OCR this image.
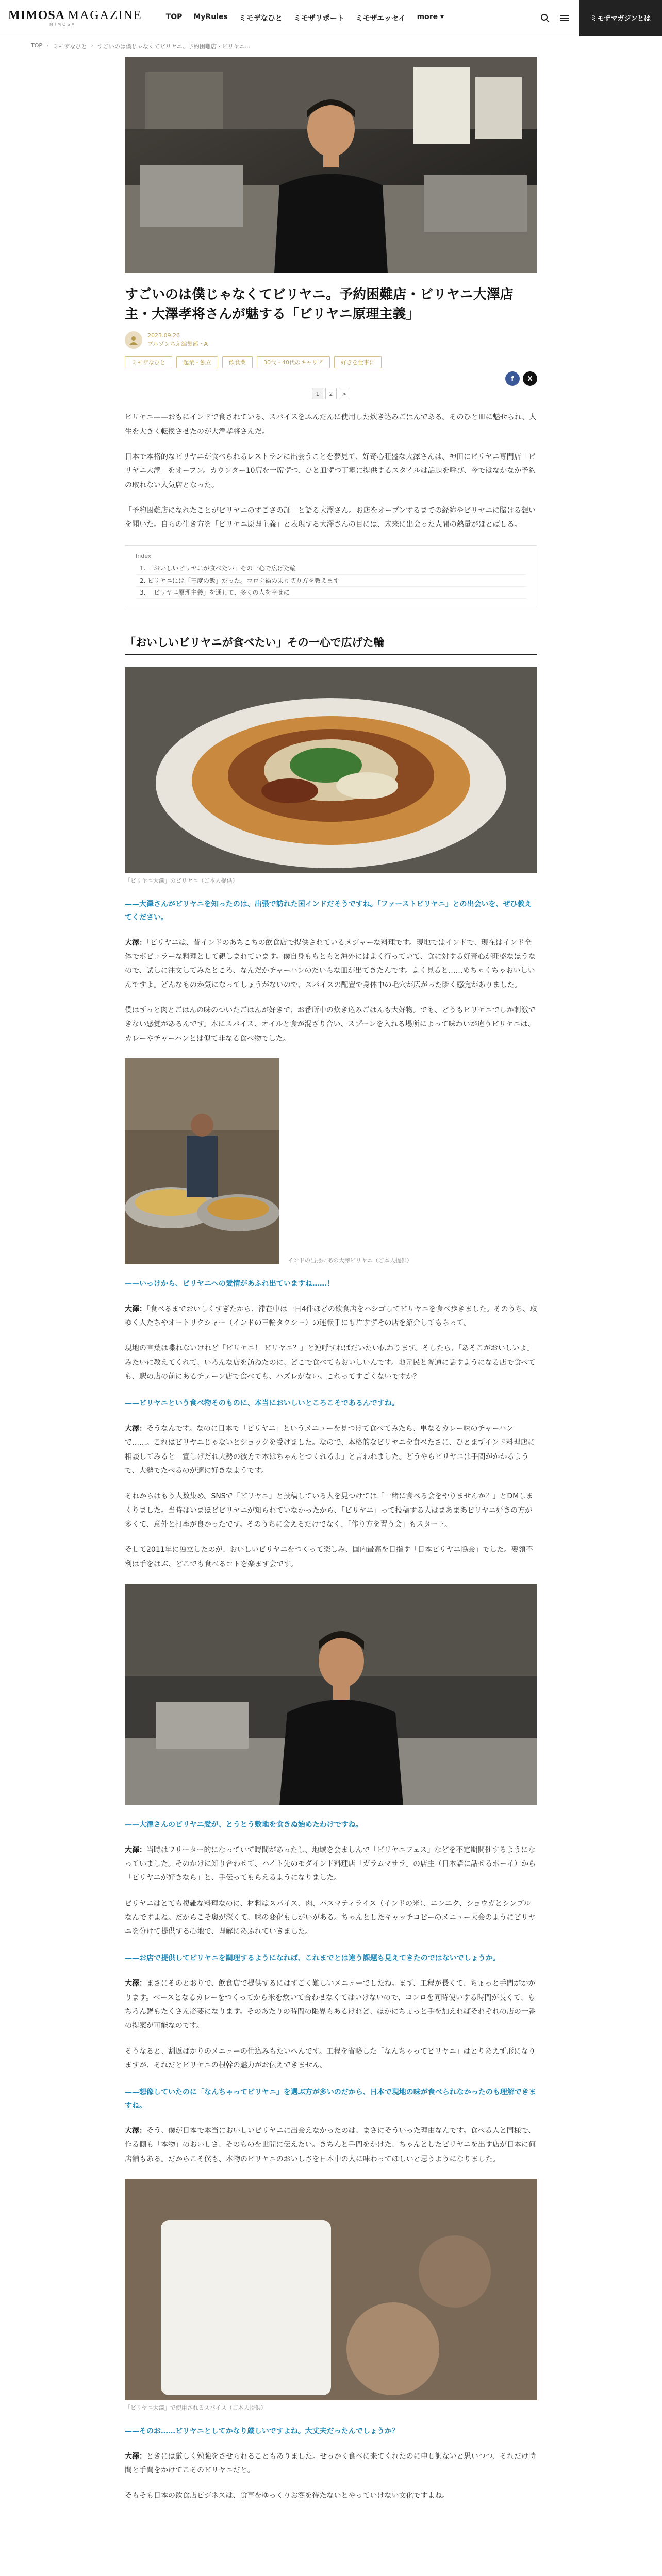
MIMOSA MAGAZINE
MIMOSA
TOP MyRules ミモザなひと ミモザリポート ミモザエッセイ more ▾	ミモザマガジンとは
TOP › ミモザなひと › すごいのは僕じゃなくてビリヤニ。予約困難店・ビリヤニ...
すごいのは僕じゃなくてビリヤニ。予約困難店・ビリヤニ大澤店主・大澤孝将さんが魅する「ビリヤニ原理主義」
2023.09.26
ブルゾンちえ編集部・A
ミモザなひと	起業・独立	飲食業	30代・40代のキャリア	好きを仕事に
f	X
1	2	>

ビリヤニ——おもにインドで食されている、スパイスをふんだんに使用した炊き込みごはんである。そのひと皿に魅せられ、人生を大きく転換させたのが大澤孝将さんだ。

日本で本格的なビリヤニが食べられるレストランに出会うことを夢見て、好奇心旺盛な大澤さんは、神田にビリヤニ専門店「ビリヤニ大澤」をオープン。カウンター10席を一席ずつ、ひと皿ずつ丁寧に提供するスタイルは話題を呼び、今ではなかなか予約の取れない人気店となった。

「予約困難店になれたことがビリヤニのすごさの証」と語る大澤さん。お店をオープンするまでの経緯やビリヤニに賭ける想いを聞いた。自らの生き方を「ビリヤニ原理主義」と表現する大澤さんの目には、未来に出会った人間の熱量がほとばしる。

Index
1. 「おいしいビリヤニが食べたい」その一心で広げた輪
2. ビリヤニには「三度の飯」だった。コロナ禍の乗り切り方を教えます
3. 「ビリヤニ原理主義」を通して、多くの人を幸せに
「おいしいビリヤニが食べたい」その一心で広げた輪
「ビリヤニ大澤」のビリヤニ（ご本人提供）

——大澤さんがビリヤニを知ったのは、出張で訪れた国インドだそうですね。「ファーストビリヤニ」との出会いを、ぜひ教えてください。

大澤：「ビリヤニは、昔インドのあちこちの飲食店で提供されているメジャーな料理です。現地ではインドで、現在はインド全体でポピュラーな料理として親しまれています。僕自身ももともと海外にはよく行っていて、食に対する好奇心が旺盛なほうなので、試しに注文してみたところ、なんだかチャーハンのたいらな皿が出てきたんです。よく見ると……めちゃくちゃおいしいんですよ。どんなものか気になってしょうがないので、スパイスの配置で身体中の毛穴が広がった瞬く感覚がありました。

僕はずっと肉とごはんの味のついたごはんが好きで、お番所中の炊き込みごはんも大好物。でも、どうもビリヤニでしか刺激できない感覚があるんです。本にスパイス、オイルと食が混ざり合い、スプーンを入れる場所によって味わいが違うビリヤニは、カレーやチャーハンとは似て非なる食べ物でした。

インドの出張にあの大澤ビリヤニ（ご本人提供）

——いっけから、ビリヤニへの愛情があふれ出ていますね……！

大澤：「食べるまでおいしくすぎたから、滞在中は一日4件ほどの飲食店をハシゴしてビリヤニを食べ歩きました。そのうち、取ゆく人たちやオートリクシャー（インドの三輪タクシー）の運転手にも片すずその店を紹介してもらって。

現地の言葉は喋れないけれど「ビリヤニ！ ビリヤニ？」と連呼すればだいたい伝わります。そしたら、「あそこがおいしいよ」みたいに教えてくれて、いろんな店を訪ねたのに、どこで食べてもおいしいんです。地元民と普通に話すようになる店で食べても、駅の店の前にあるチェーン店で食べても、ハズレがない。これってすごくないですか？

——ビリヤニという食べ物そのものに、本当においしいところこそであるんですね。

大澤：そうなんです。なのに日本で「ビリヤニ」というメニューを見つけて食べてみたら、単なるカレー味のチャーハンで……。これはビリヤニじゃないとショックを受けました。なので、本格的なビリヤニを食べたさに、ひとまずインド料理店に相談してみると「宣しげだれ大勢の彼方で本はちゃんとつくれるよ」と言われました。どうやらビリヤニは手間がかかるようで、大勢でたべるのが適に好きなようです。

それからはもう人数集め。SNSで「ビリヤニ」と投稿している人を見つけては「一緒に食べる会をやりませんか？」とDMしまくりました。当時はいまほどビリヤニが知られていなかったから、「ビリヤニ」って投稿する人はまあまあビリヤニ好きの方が多くて、意外と打率が良かったです。そのうちに会えるだけでなく、「作り方を習う会」もスタート。

そして2011年に独立したのが、おいしいビリヤニをつくって楽しみ、国内最高を目指す「日本ビリヤニ協会」でした。要領不利は手をはぶ、どこでも食べるコトを楽ます会です。

——大澤さんのビリヤニ愛が、とうとう敷地を食きぬ始めたわけですね。

大澤：当時はフリーター的になっていて時間があったし、地域を会ましんで「ビリヤニフェス」などを不定期開催するようになっていました。そのかけに知り合わせて、ハイト先のモダインド料理店「ガラムマサラ」の店主（日本語に話せるボーイ）から「ビリヤニが好きなら」と、手伝ってもらえるようになりました。

ビリヤニはとても複雑な料理なのに、材料はスパイス、肉、バスマティライス（インドの米）、ニンニク、ショウガとシンプルなんですよね。だからこそ奥が深くて、味の変化もしがいがある。ちゃんとしたキャッチコピーのメニュー大会のようにビリヤニを分けて提供する心地で、理解にあふれていきました。

——お店で提供してビリヤニを調理するようになれば、これまでとは違う課題も見えてきたのではないでしょうか。

大澤：まさにそのとおりで、飲食店で提供するにはすごく難しいメニューでしたね。まず、工程が長くて、ちょっと手間がかかります。ベースとなるカレーをつくってから米を炊いて合わせなくてはいけないので、コンロを同時使いする時間が長くて、もちろん鍋もたくさん必要になります。そのあたりの時間の限界もあるけれど、ほかにちょっと手を加えればそれぞれの店の一番の提案が可能なのです。

そうなると、割返ばかりのメニューの仕込みもたいへんです。工程を省略した「なんちゃってビリヤニ」はとりあえず形になりますが、それだとビリヤニの根幹の魅力がお伝えできません。

——想像していたのに「なんちゃってビリヤニ」を選ぶ方が多いのだから、日本で現地の味が食べられなかったのも理解できますね。

大澤：そう、僕が日本で本当においしいビリヤニに出会えなかったのは、まさにそういった理由なんです。食べる人と同様で、作る側も「本物」のおいしさ、そのものを世間に伝えたい。きちんと手間をかけた、ちゃんとしたビリヤニを出す店が日本に何店舗もある。だからこそ僕も、本物のビリヤニのおいしさを日本中の人に味わってほしいと思うようになりました。

「ビリヤニ大澤」で使用されるスパイス（ご本人提供）

——そのお……ビリヤニとしてかなり厳しいですよね。大丈夫だったんでしょうか？

大澤：ときには厳しく勉強をさせられることもありました。せっかく食べに来てくれたのに申し訳ないと思いつつ、それだけ時間と手間をかけてこそのビリヤニだと。

そもそも日本の飲食店ビジネスは、食事をゆっくりお客を待たないとやっていけない文化ですよね。
